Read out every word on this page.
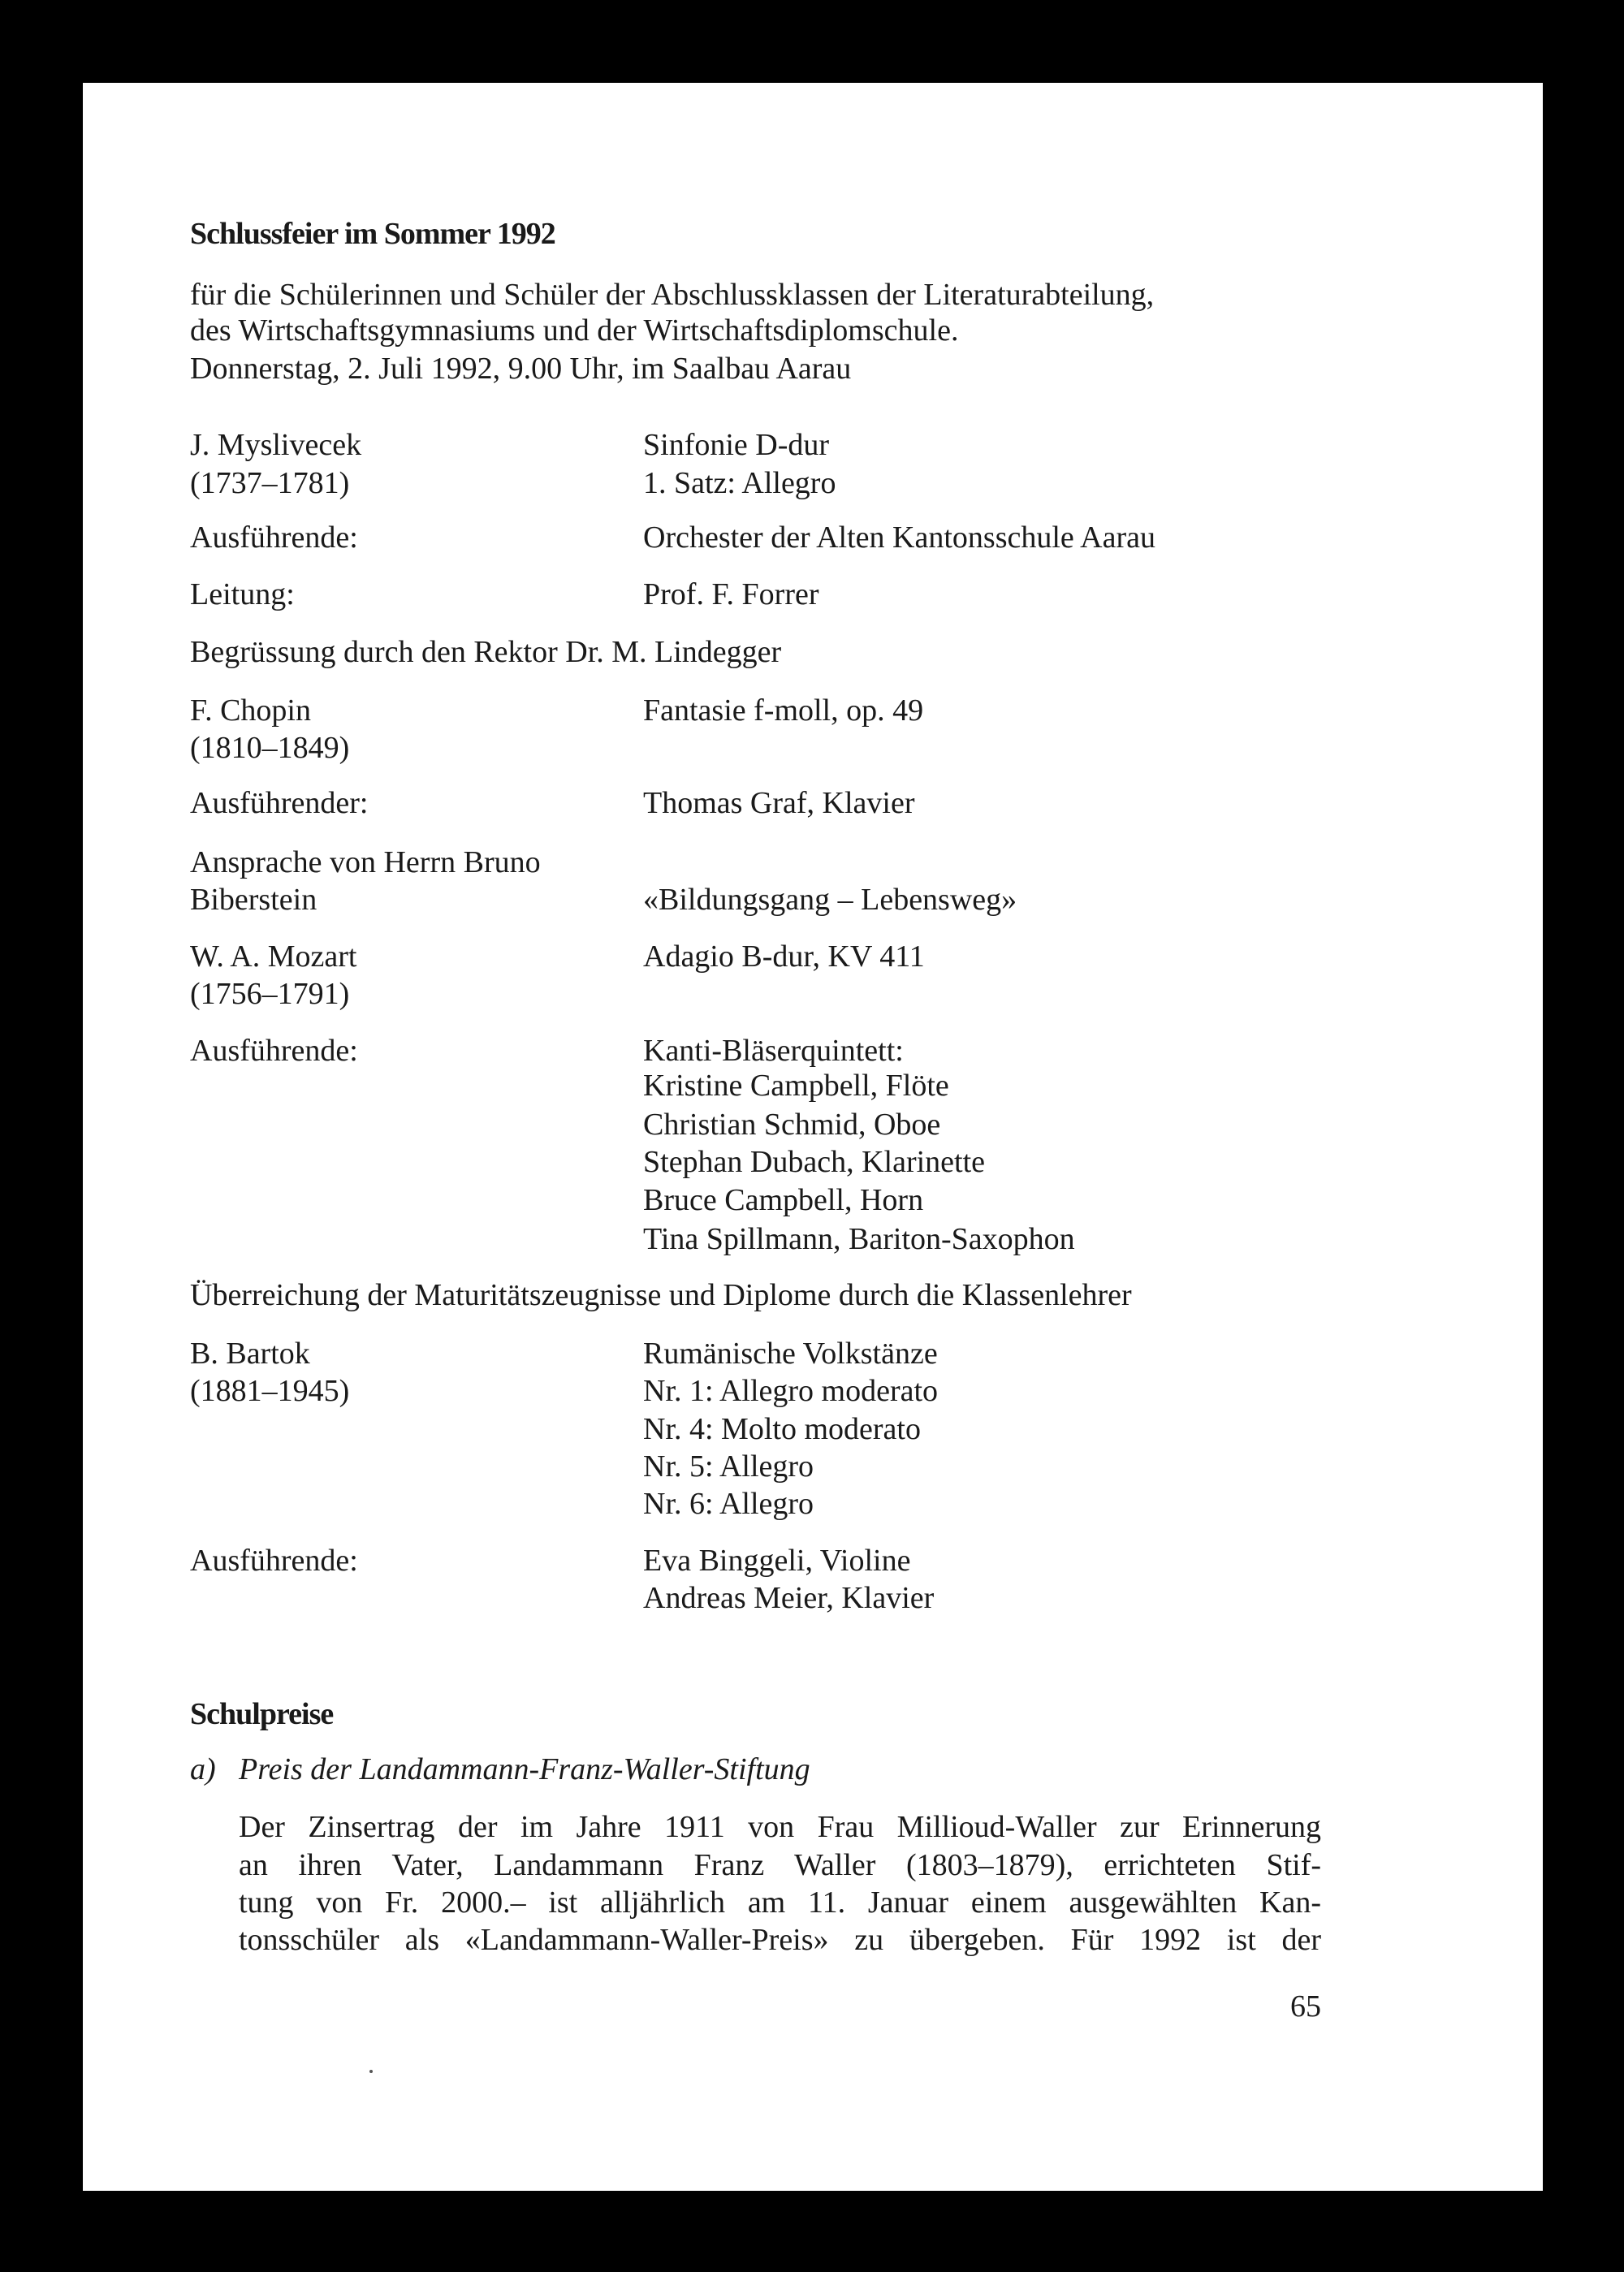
Schlussfeier im Sommer 1992
für die Schülerinnen und Schüler der Abschlussklassen der Literaturabteilung,
des Wirtschaftsgymnasiums und der Wirtschaftsdiplomschule.
Donnerstag, 2. Juli 1992, 9.00 Uhr, im Saalbau Aarau
J. Myslivecek	Sinfonie D-dur
(1737–1781)	1. Satz: Allegro
Ausführende:	Orchester der Alten Kantonsschule Aarau
Leitung:	Prof. F. Forrer
Begrüssung durch den Rektor Dr. M. Lindegger
F. Chopin	Fantasie f-moll, op. 49
(1810–1849)
Ausführender:	Thomas Graf, Klavier
Ansprache von Herrn Bruno
Biberstein	«Bildungsgang – Lebensweg»
W. A. Mozart	Adagio B-dur, KV 411
(1756–1791)
Ausführende:	Kanti-Bläserquintett:
Kristine Campbell, Flöte
Christian Schmid, Oboe
Stephan Dubach, Klarinette
Bruce Campbell, Horn
Tina Spillmann, Bariton-Saxophon
Überreichung der Maturitätszeugnisse und Diplome durch die Klassenlehrer
B. Bartok	Rumänische Volkstänze
(1881–1945)	Nr. 1: Allegro moderato
Nr. 4: Molto moderato
Nr. 5: Allegro
Nr. 6: Allegro
Ausführende:	Eva Binggeli, Violine
Andreas Meier, Klavier
Schulpreise
a) Preis der Landammann-Franz-Waller-Stiftung
Der Zinsertrag der im Jahre 1911 von Frau Millioud-Waller zur Erinnerung
an ihren Vater, Landammann Franz Waller (1803–1879), errichteten Stif-
tung von Fr. 2000.– ist alljährlich am 11. Januar einem ausgewählten Kan-
tonsschüler als «Landammann-Waller-Preis» zu übergeben. Für 1992 ist der
65
